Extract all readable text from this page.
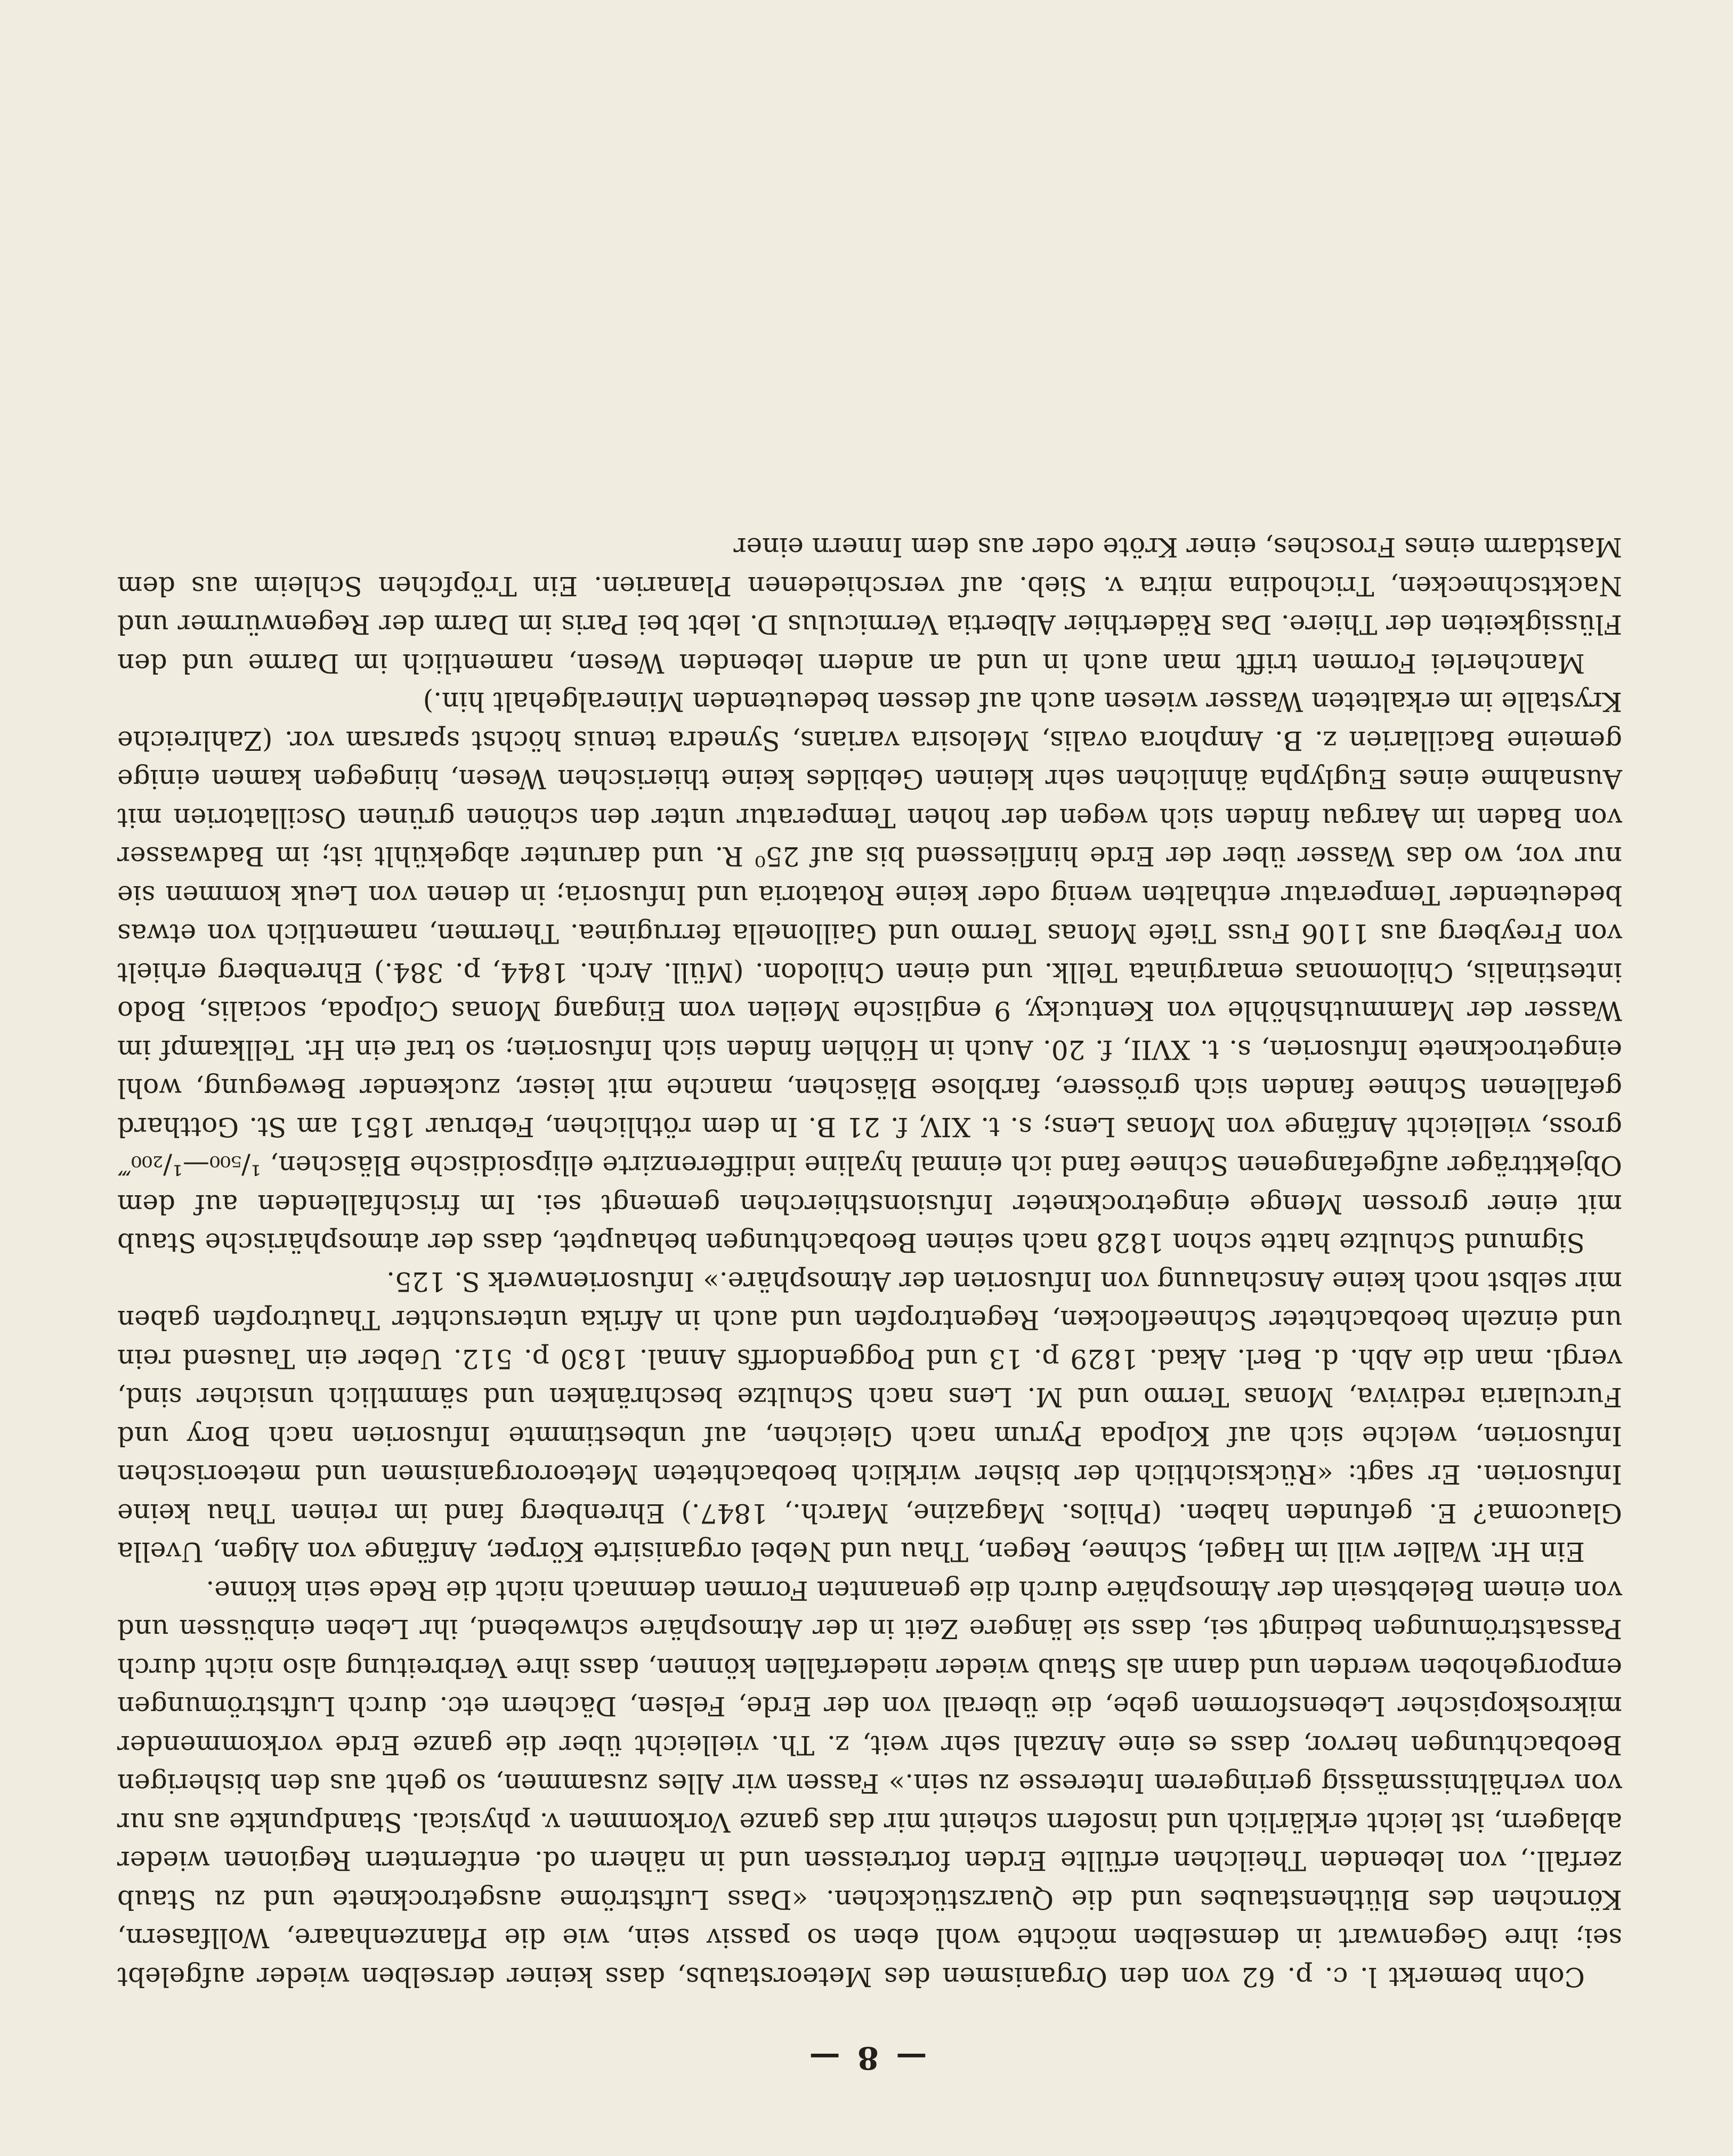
— 8 —

Cohn bemerkt l. c. p. 62 von den Organismen des Meteorstaubs, dass keiner derselben wieder aufgelebt sei; ihre Gegenwart in demselben möchte wohl eben so passiv sein, wie die Pflanzenhaare, Wollfasern, Körnchen des Blüthenstaubes und die Quarzstückchen. «Dass Luftströme ausgetrocknete und zu Staub zerfall., von lebenden Theilchen erfüllte Erden fortreissen und in nähern od. entferntern Regionen wieder ablagern, ist leicht erklärlich und insofern scheint mir das ganze Vorkommen v. physical. Standpunkte aus nur von verhältnissmässig geringerem Interesse zu sein.» Fassen wir Alles zusammen, so geht aus den bisherigen Beobachtungen hervor, dass es eine Anzahl sehr weit, z. Th. vielleicht über die ganze Erde vorkommender mikroskopischer Lebensformen gebe, die überall von der Erde, Felsen, Dächern etc. durch Luftströmungen emporgehoben werden und dann als Staub wieder niederfallen können, dass ihre Verbreitung also nicht durch Passatströmungen bedingt sei, dass sie längere Zeit in der Atmosphäre schwebend, ihr Leben einbüssen und von einem Belebtsein der Atmosphäre durch die genannten Formen demnach nicht die Rede sein könne.

Ein Hr. Waller will im Hagel, Schnee, Regen, Thau und Nebel organisirte Körper, Anfänge von Algen, Uvella Glaucoma? E. gefunden haben. (Philos. Magazine, March., 1847.) Ehrenberg fand im reinen Thau keine Infusorien. Er sagt: «Rücksichtlich der bisher wirklich beobachteten Meteororganismen und meteorischen Infusorien, welche sich auf Kolpoda Pyrum nach Gleichen, auf unbestimmte Infusorien nach Bory und Furcularia rediviva, Monas Termo und M. Lens nach Schultze beschränken und sämmtlich unsicher sind, vergl. man die Abh. d. Berl. Akad. 1829 p. 13 und Poggendorffs Annal. 1830 p. 512. Ueber ein Tausend rein und einzeln beobachteter Schneeflocken, Regentropfen und auch in Afrika untersuchter Thautropfen gaben mir selbst noch keine Anschauung von Infusorien der Atmosphäre.» Infusorienwerk S. 125.

Sigmund Schultze hatte schon 1828 nach seinen Beobachtungen behauptet, dass der atmosphärische Staub mit einer grossen Menge eingetrockneter Infusionsthierchen gemengt sei. Im frischfallenden auf dem Objektträger aufgefangenen Schnee fand ich einmal hyaline indifferenzirte ellipsoidische Bläschen, ¹/₅₀₀—¹/₂₀₀‴ gross, vielleicht Anfänge von Monas Lens; s. t. XIV, f. 21 B. In dem röthlichen, Februar 1851 am St. Gotthard gefallenen Schnee fanden sich grössere, farblose Bläschen, manche mit leiser, zuckender Bewegung, wohl eingetrocknete Infusorien, s. t. XVII, f. 20. Auch in Höhlen finden sich Infusorien; so traf ein Hr. Tellkampf im Wasser der Mammuthshöhle von Kentucky, 9 englische Meilen vom Eingang Monas Colpoda, socialis, Bodo intestinalis, Chilomonas emarginata Tellk. und einen Chilodon. (Müll. Arch. 1844, p. 384.) Ehrenberg erhielt von Freyberg aus 1106 Fuss Tiefe Monas Termo und Gaillonella ferruginea. Thermen, namentlich von etwas bedeutender Temperatur enthalten wenig oder keine Rotatoria und Infusoria; in denen von Leuk kommen sie nur vor, wo das Wasser über der Erde hinfliessend bis auf 25⁰ R. und darunter abgekühlt ist; im Badwasser von Baden im Aargau finden sich wegen der hohen Temperatur unter den schönen grünen Oscillatorien mit Ausnahme eines Euglypha ähnlichen sehr kleinen Gebildes keine thierischen Wesen, hingegen kamen einige gemeine Bacillarien z. B. Amphora ovalis, Melosira varians, Synedra tenuis höchst sparsam vor. (Zahlreiche Krystalle im erkalteten Wasser wiesen auch auf dessen bedeutenden Mineralgehalt hin.)

Mancherlei Formen trifft man auch in und an andern lebenden Wesen, namentlich im Darme und den Flüssigkeiten der Thiere. Das Räderthier Albertia Vermiculus D. lebt bei Paris im Darm der Regenwürmer und Nacktschnecken, Trichodina mitra v. Sieb. auf verschiedenen Planarien. Ein Tröpfchen Schleim aus dem Mastdarm eines Frosches, einer Kröte oder aus dem Innern einer
